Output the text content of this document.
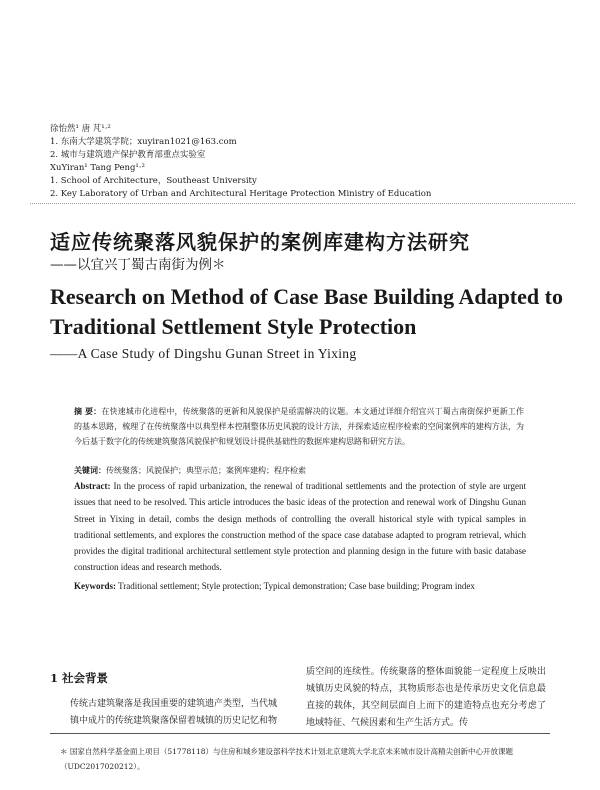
徐怡然¹ 唐 芃¹·²
1. 东南大学建筑学院；xuyiran1021@163.com
2. 城市与建筑遗产保护教育部重点实验室
XuYiran¹ Tang Peng¹·²
1. School of Architecture，Southeast University
2. Key Laboratory of Urban and Architectural Heritage Protection Ministry of Education
适应传统聚落风貌保护的案例库建构方法研究
——以宜兴丁蜀古南街为例＊
Research on Method of Case Base Building Adapted to
Traditional Settlement Style Protection
——A Case Study of Dingshu Gunan Street in Yixing
摘 要：在快速城市化进程中，传统聚落的更新和风貌保护是亟需解决的议题。本文通过详细介绍宜兴丁蜀古南街保护更新工作的基本思路，梳理了在传统聚落中以典型样本控制整体历史风貌的设计方法，并探索适应程序检索的空间案例库的建构方法，为今后基于数字化的传统建筑聚落风貌保护和规划设计提供基础性的数据库建构思路和研究方法。
关键词：传统聚落；风貌保护；典型示范；案例库建构；程序检索
Abstract: In the process of rapid urbanization, the renewal of traditional settlements and the protection of style are urgent issues that need to be resolved. This article introduces the basic ideas of the protection and renewal work of Dingshu Gunan Street in Yixing in detail, combs the design methods of controlling the overall historical style with typical samples in traditional settlements, and explores the construction method of the space case database adapted to program retrieval, which provides the digital traditional architectural settlement style protection and planning design in the future with basic database construction ideas and research methods.
Keywords: Traditional settlement; Style protection; Typical demonstration; Case base building; Program index
1 社会背景
传统古建筑聚落是我国重要的建筑遗产类型，当代城镇中成片的传统建筑聚落保留着城镇的历史记忆和物
质空间的连续性。传统聚落的整体面貌能一定程度上反映出城镇历史风貌的特点，其物质形态也是传承历史文化信息最直接的载体，其空间层面自上而下的建造特点也充分考虑了地域特征、气候因素和生产生活方式。传
＊ 国家自然科学基金面上项目（51778118）与住房和城乡建设部科学技术计划北京建筑大学北京未来城市设计高精尖创新中心开放课题（UDC2017020212）。
